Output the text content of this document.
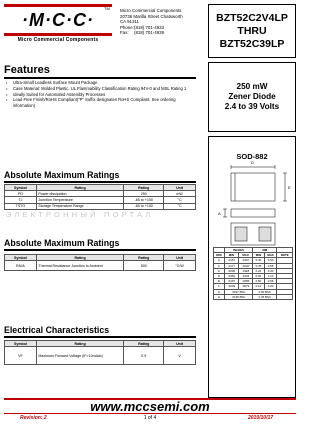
·M·C·C·
Micro Commercial Components
TM Micro Commercial Components
20736 Marilla Street Chatsworth
CA 91311
Phone: (818) 701-4933
Fax:	(818) 701-4939
BZT52C2V4LP
THRU
BZT52C39LP
Features
•	Ultra-Small Leadless Surface Mount Package
•	Case Material: Molded Plastic. UL Flammability Classification Rating 94V-0 and MSL Rating 1
•	Ideally Suited for Automated Assembly Processes
•	Lead Free Finish/RoHS Compliant("P" Suffix designates RoHS Compliant. See ordering information)
250 mW
Zener Diode
2.4 to 39 Volts
Absolute Maximum Ratings
Symbol	Rating	Rating	Unit
PD	Power dissipation	250	mW
TJ	Junction Temperature	-65 to +150	°C
TSTG	Storage Temperature Range	-65 to +150	°C
ЭЛЕКТРОННЫЙ ПОРТАЛ
Absolute Maximum Ratings
Symbol	Rating	Rating	Unit
RθJA	Thermal Resistance Junction to Ambient	500	°C/W
Electrical Characteristics
Symbol	Rating	Rating	Unit
VF	Maximum Forward Voltage (IF=10mAdc)	0.9	V
SOD-882
D
E
A
	INCHES		MM		
DIM	MIN	MAX	MIN	MAX	NOTE
A	.0157	.0197	0.40	0.50	
b	.0177	.0220	0.45	0.55	
C	.0095	.0118	0.24	0.30	
D	.0354	.0433	0.90	1.10	
E	.0197	.0256	0.50	0.65	
F	.0039	.0079	0.10	0.20	
G	.0197 BSC		0.50 BSC		
H	.0138 BSC		0.35 BSC		
www.mccsemi.com
Revision: 2	1 of 4	2010/10/17
